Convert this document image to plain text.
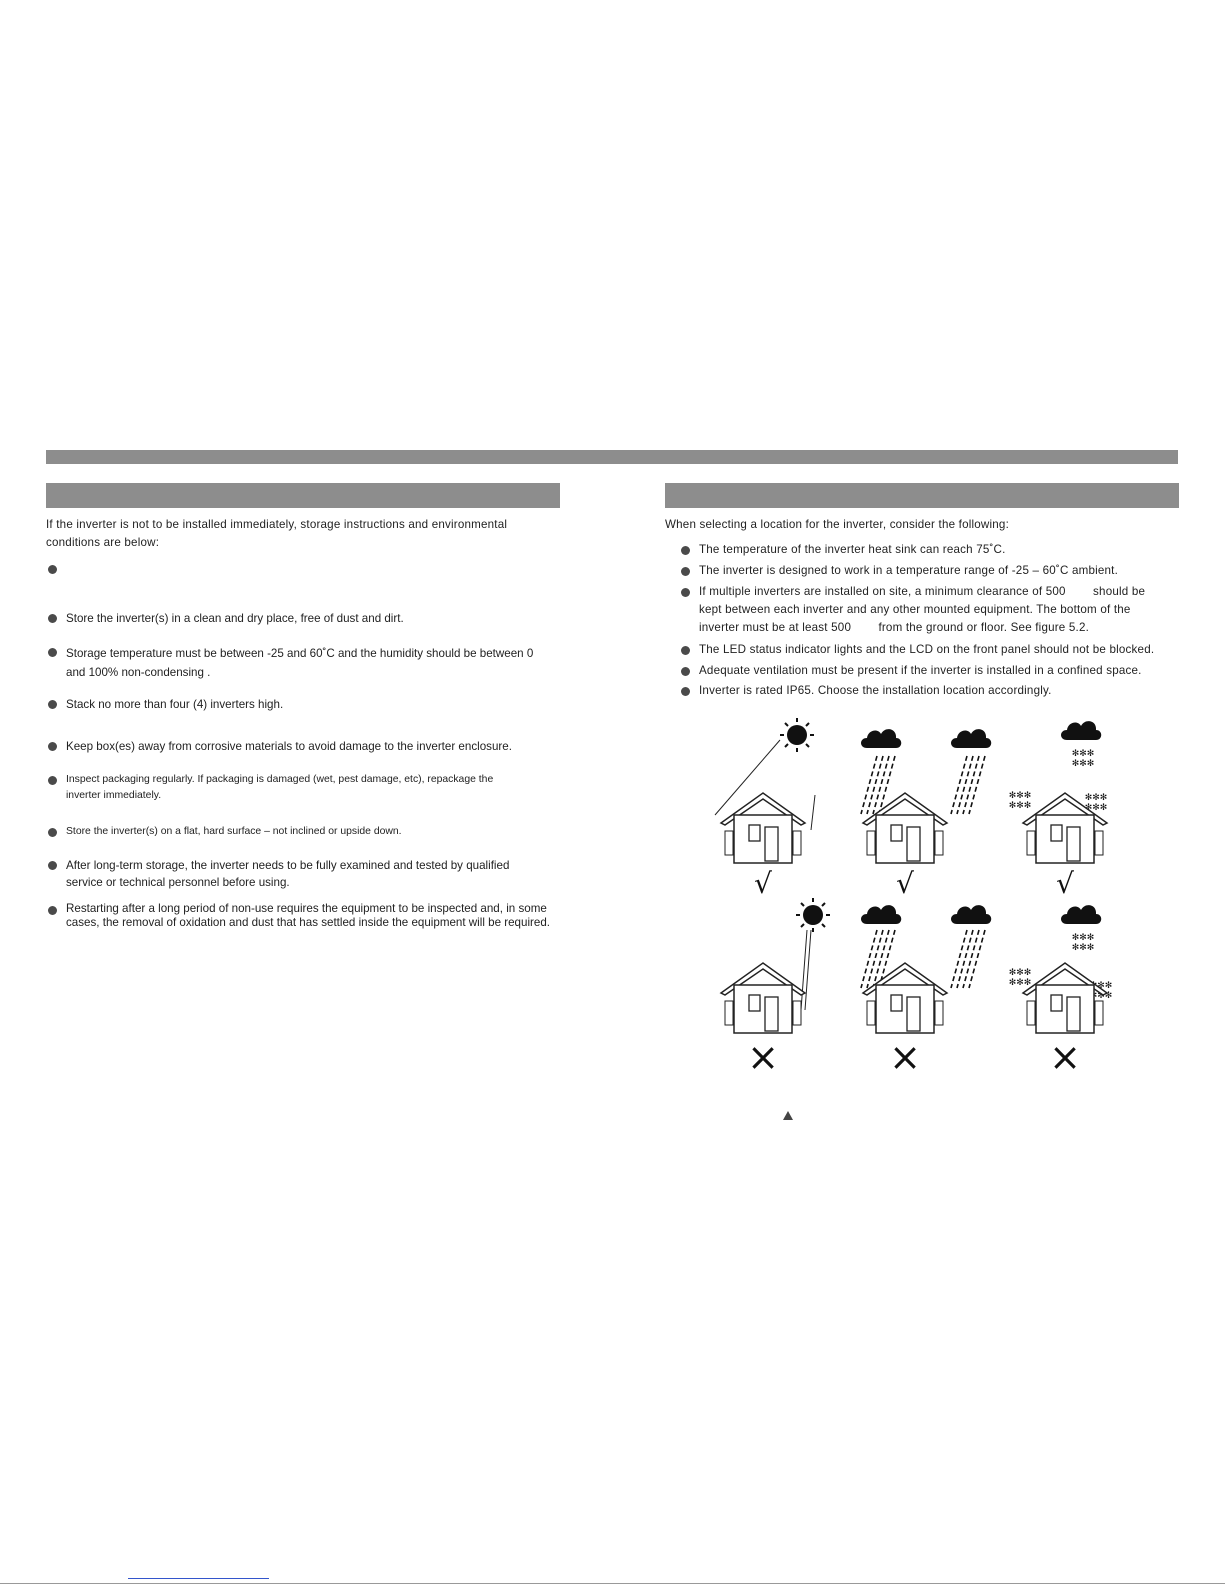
If the inverter is not to be installed immediately, storage instructions and environmental conditions are below:
Store the inverter(s) in a clean and dry place, free of dust and dirt.
Storage temperature must be between -25 and 60˚C and the humidity should be between 0 and 100% non-condensing .
Stack no more than four (4) inverters high.
Keep box(es) away from corrosive materials to avoid damage to the inverter enclosure.
Inspect packaging regularly. If packaging is damaged (wet, pest damage, etc), repackage the inverter immediately.
Store the inverter(s) on a flat, hard surface – not inclined or upside down.
After long-term storage, the inverter needs to be fully examined and tested by qualified service or technical personnel before using.
Restarting after a long period of non-use requires the equipment to be inspected and, in some cases, the removal of oxidation and dust that has settled inside the equipment will be required.
When selecting a location for the inverter, consider the following:
The temperature of the inverter heat sink can reach 75˚C.
The inverter is designed to work in a temperature range of -25 – 60˚C ambient.
If multiple inverters are installed on site, a minimum clearance of 500        should be kept between each inverter and any other mounted equipment. The bottom of the inverter must be at least 500        from the ground or floor. See figure 5.2.
The LED status indicator lights and the LCD on the front panel should not be blocked.
Adequate ventilation must be present if the inverter is installed in a confined space.
Inverter is rated IP65. Choose the installation location accordingly.
✻✻✻
✻✻✻
√	√	√
×	×	×
